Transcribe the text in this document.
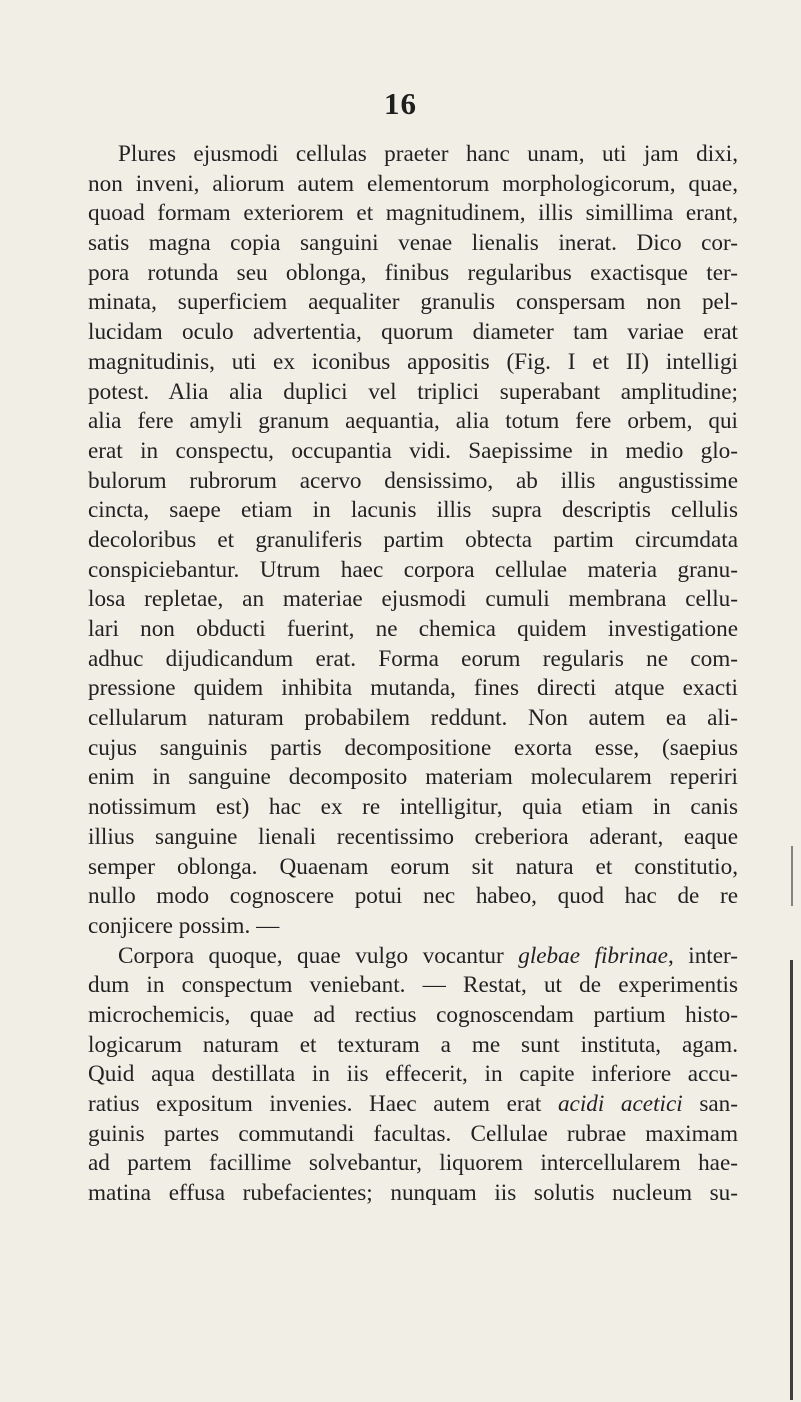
16
Plures ejusmodi cellulas praeter hanc unam, uti jam dixi,
non inveni, aliorum autem elementorum morphologicorum, quae,
quoad formam exteriorem et magnitudinem, illis simillima erant,
satis magna copia sanguini venae lienalis inerat. Dico cor-
pora rotunda seu oblonga, finibus regularibus exactisque ter-
minata, superficiem aequaliter granulis conspersam non pel-
lucidam oculo advertentia, quorum diameter tam variae erat
magnitudinis, uti ex iconibus appositis (Fig. I et II) intelligi
potest. Alia alia duplici vel triplici superabant amplitudine;
alia fere amyli granum aequantia, alia totum fere orbem, qui
erat in conspectu, occupantia vidi. Saepissime in medio glo-
bulorum rubrorum acervo densissimo, ab illis angustissime
cincta, saepe etiam in lacunis illis supra descriptis cellulis
decoloribus et granuliferis partim obtecta partim circumdata
conspiciebantur. Utrum haec corpora cellulae materia granu-
losa repletae, an materiae ejusmodi cumuli membrana cellu-
lari non obducti fuerint, ne chemica quidem investigatione
adhuc dijudicandum erat. Forma eorum regularis ne com-
pressione quidem inhibita mutanda, fines directi atque exacti
cellularum naturam probabilem reddunt. Non autem ea ali-
cujus sanguinis partis decompositione exorta esse, (saepius
enim in sanguine decomposito materiam molecularem reperiri
notissimum est) hac ex re intelligitur, quia etiam in canis
illius sanguine lienali recentissimo creberiora aderant, eaque
semper oblonga. Quaenam eorum sit natura et constitutio,
nullo modo cognoscere potui nec habeo, quod hac de re
conjicere possim. —
Corpora quoque, quae vulgo vocantur glebae fibrinae, inter-
dum in conspectum veniebant. — Restat, ut de experimentis
microchemicis, quae ad rectius cognoscendam partium histo-
logicarum naturam et texturam a me sunt instituta, agam.
Quid aqua destillata in iis effecerit, in capite inferiore accu-
ratius expositum invenies. Haec autem erat acidi acetici san-
guinis partes commutandi facultas. Cellulae rubrae maximam
ad partem facillime solvebantur, liquorem intercellularem hae-
matina effusa rubefacientes; nunquam iis solutis nucleum su-
